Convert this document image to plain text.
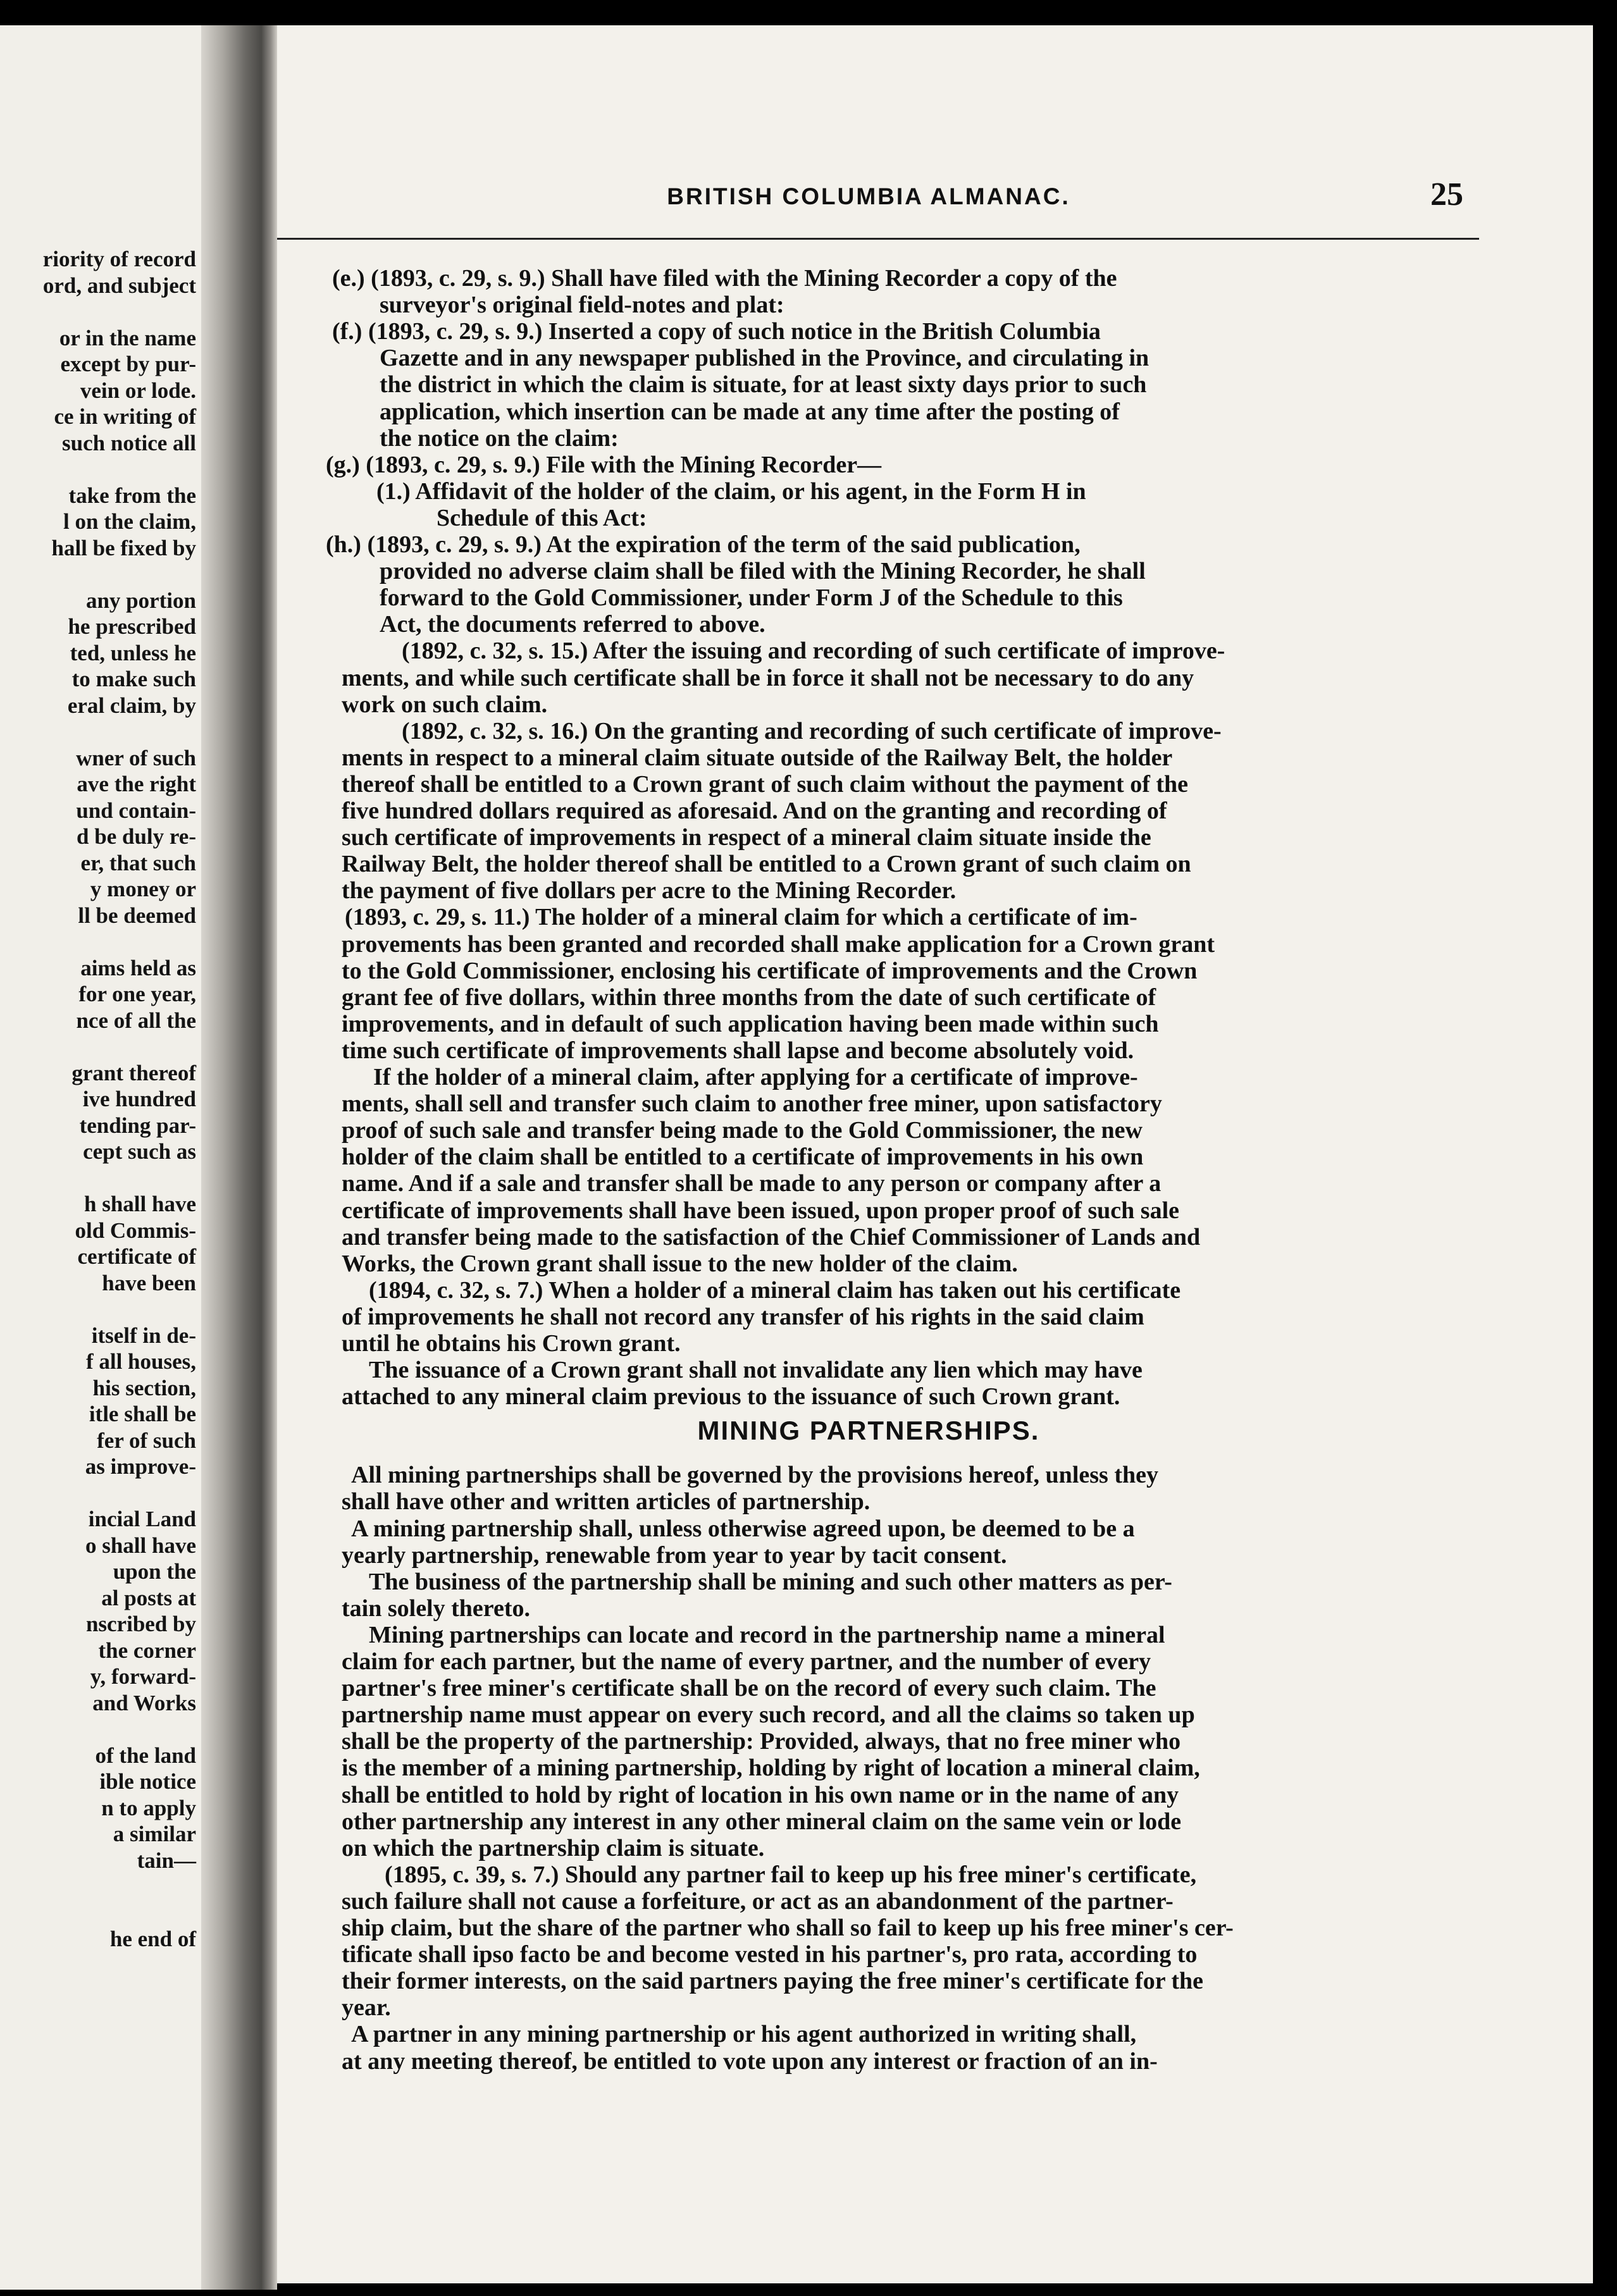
riority of record
ord, and subject
or in the name
except by pur-
vein or lode.
ce in writing of
such notice all
take from the
l on the claim,
hall be fixed by
any portion
he prescribed
ted, unless he
to make such
eral claim, by
wner of such
ave the right
und contain-
d be duly re-
er, that such
y money or
ll be deemed
aims held as
for one year,
nce of all the
grant thereof
ive hundred
tending par-
cept such as
h shall have
old Commis-
certificate of
have been
itself in de-
f all houses,
his section,
itle shall be
fer of such
as improve-
incial Land
o shall have
upon the
al posts at
nscribed by
the corner
y, forward-
and Works
of the land
ible notice
n to apply
a similar
tain—
he end of
BRITISH COLUMBIA ALMANAC.	25
MINING PARTNERSHIPS.
(e.) (1893, c. 29, s. 9.) Shall have filed with the Mining Recorder a copy of the
surveyor's original field-notes and plat:
(f.) (1893, c. 29, s. 9.) Inserted a copy of such notice in the British Columbia
Gazette and in any newspaper published in the Province, and circulating in
the district in which the claim is situate, for at least sixty days prior to such
application, which insertion can be made at any time after the posting of
the notice on the claim:
(g.) (1893, c. 29, s. 9.) File with the Mining Recorder—
(1.) Affidavit of the holder of the claim, or his agent, in the Form H in
Schedule of this Act:
(h.) (1893, c. 29, s. 9.) At the expiration of the term of the said publication,
provided no adverse claim shall be filed with the Mining Recorder, he shall
forward to the Gold Commissioner, under Form J of the Schedule to this
Act, the documents referred to above.
(1892, c. 32, s. 15.) After the issuing and recording of such certificate of improve-
ments, and while such certificate shall be in force it shall not be necessary to do any
work on such claim.
(1892, c. 32, s. 16.) On the granting and recording of such certificate of improve-
ments in respect to a mineral claim situate outside of the Railway Belt, the holder
thereof shall be entitled to a Crown grant of such claim without the payment of the
five hundred dollars required as aforesaid. And on the granting and recording of
such certificate of improvements in respect of a mineral claim situate inside the
Railway Belt, the holder thereof shall be entitled to a Crown grant of such claim on
the payment of five dollars per acre to the Mining Recorder.
(1893, c. 29, s. 11.) The holder of a mineral claim for which a certificate of im-
provements has been granted and recorded shall make application for a Crown grant
to the Gold Commissioner, enclosing his certificate of improvements and the Crown
grant fee of five dollars, within three months from the date of such certificate of
improvements, and in default of such application having been made within such
time such certificate of improvements shall lapse and become absolutely void.
If the holder of a mineral claim, after applying for a certificate of improve-
ments, shall sell and transfer such claim to another free miner, upon satisfactory
proof of such sale and transfer being made to the Gold Commissioner, the new
holder of the claim shall be entitled to a certificate of improvements in his own
name. And if a sale and transfer shall be made to any person or company after a
certificate of improvements shall have been issued, upon proper proof of such sale
and transfer being made to the satisfaction of the Chief Commissioner of Lands and
Works, the Crown grant shall issue to the new holder of the claim.
(1894, c. 32, s. 7.) When a holder of a mineral claim has taken out his certificate
of improvements he shall not record any transfer of his rights in the said claim
until he obtains his Crown grant.
The issuance of a Crown grant shall not invalidate any lien which may have
attached to any mineral claim previous to the issuance of such Crown grant.
All mining partnerships shall be governed by the provisions hereof, unless they
shall have other and written articles of partnership.
A mining partnership shall, unless otherwise agreed upon, be deemed to be a
yearly partnership, renewable from year to year by tacit consent.
The business of the partnership shall be mining and such other matters as per-
tain solely thereto.
Mining partnerships can locate and record in the partnership name a mineral
claim for each partner, but the name of every partner, and the number of every
partner's free miner's certificate shall be on the record of every such claim. The
partnership name must appear on every such record, and all the claims so taken up
shall be the property of the partnership: Provided, always, that no free miner who
is the member of a mining partnership, holding by right of location a mineral claim,
shall be entitled to hold by right of location in his own name or in the name of any
other partnership any interest in any other mineral claim on the same vein or lode
on which the partnership claim is situate.
(1895, c. 39, s. 7.) Should any partner fail to keep up his free miner's certificate,
such failure shall not cause a forfeiture, or act as an abandonment of the partner-
ship claim, but the share of the partner who shall so fail to keep up his free miner's cer-
tificate shall ipso facto be and become vested in his partner's, pro rata, according to
their former interests, on the said partners paying the free miner's certificate for the
year.
A partner in any mining partnership or his agent authorized in writing shall,
at any meeting thereof, be entitled to vote upon any interest or fraction of an in-
